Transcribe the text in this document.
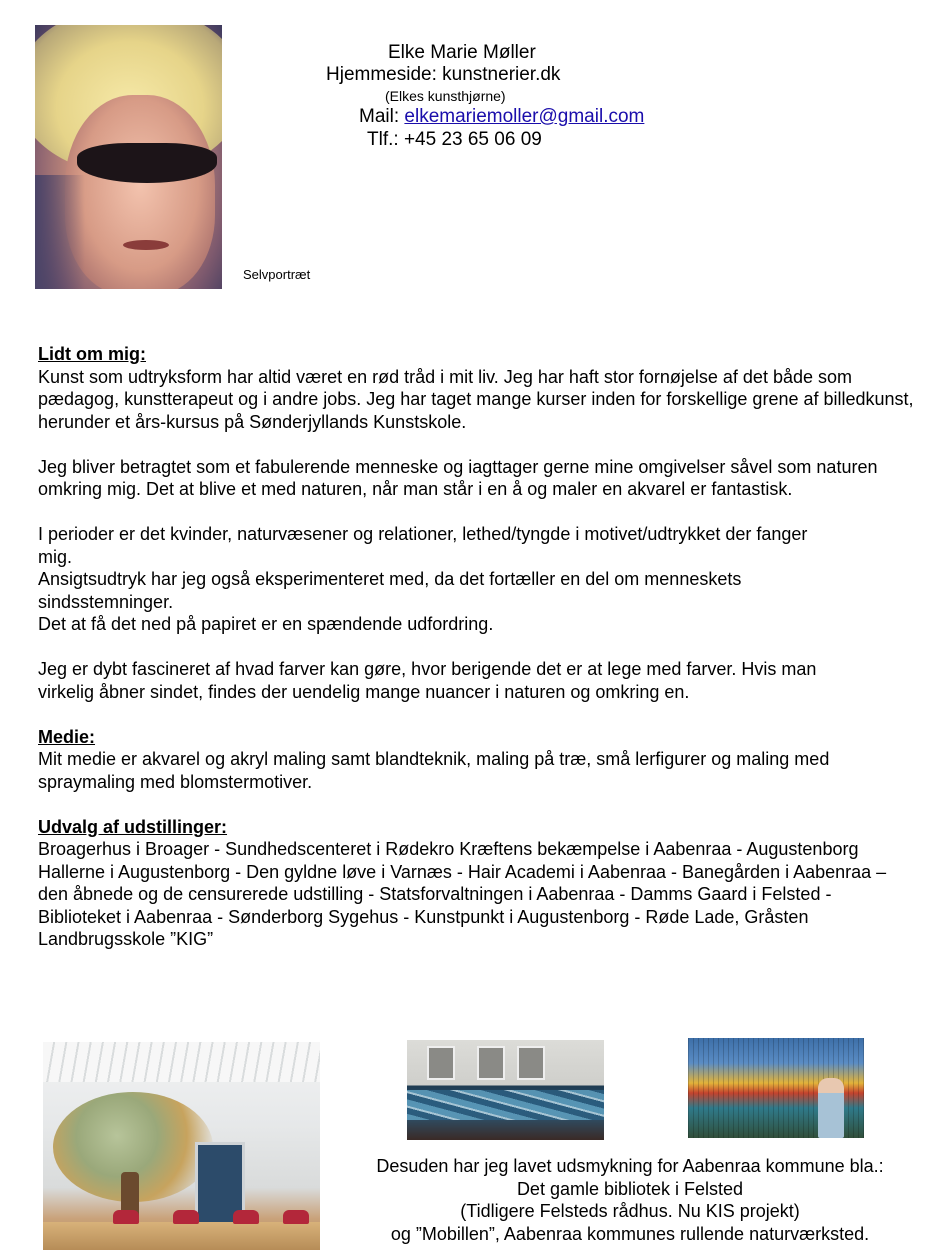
Selvportræt
Elke Marie Møller
Hjemmeside: kunstnerier.dk
(Elkes kunsthjørne)
Mail: elkemariemoller@gmail.com
Tlf.: +45 23 65 06 09
Lidt om mig:

Kunst som udtryksform har altid været en rød tråd i mit liv. Jeg har haft stor fornøjelse af det både som pædagog, kunstterapeut og i andre jobs. Jeg har taget mange kurser inden for forskellige grene af billedkunst, herunder et års-kursus på Sønderjyllands Kunstskole.

Jeg bliver betragtet som et fabulerende menneske og iagttager gerne mine omgivelser såvel som naturen omkring mig. Det at blive et med naturen, når man står i en å og maler en akvarel er fantastisk.

I perioder er det kvinder, naturvæsener og relationer, lethed/tyngde i motivet/udtrykket der fanger mig.

Ansigtsudtryk har jeg også eksperimenteret med, da det fortæller en del om menneskets sindsstemninger.

Det at få det ned på papiret er en spændende udfordring.

Jeg er dybt fascineret af hvad farver kan gøre, hvor berigende det er at lege med farver. Hvis man virkelig åbner sindet, findes der uendelig mange nuancer i naturen og omkring en.

Medie:

Mit medie er akvarel og akryl maling samt blandteknik, maling på træ, små lerfigurer og maling med spraymaling med blomstermotiver.

Udvalg af udstillinger:

Broagerhus i Broager - Sundhedscenteret i Rødekro Kræftens bekæmpelse i Aabenraa - Augustenborg Hallerne i Augustenborg - Den gyldne løve i Varnæs - Hair Academi i Aabenraa - Banegården i Aabenraa – den åbnede og de censurerede udstilling - Statsforvaltningen i Aabenraa - Damms Gaard i Felsted - Biblioteket i Aabenraa - Sønderborg Sygehus - Kunstpunkt i Augustenborg - Røde Lade, Gråsten Landbrugsskole ”KIG”

Desuden har jeg lavet udsmykning for Aabenraa kommune bla.:
Det gamle bibliotek i Felsted
(Tidligere Felsteds rådhus. Nu KIS projekt)
og ”Mobillen”, Aabenraa kommunes rullende naturværksted.
